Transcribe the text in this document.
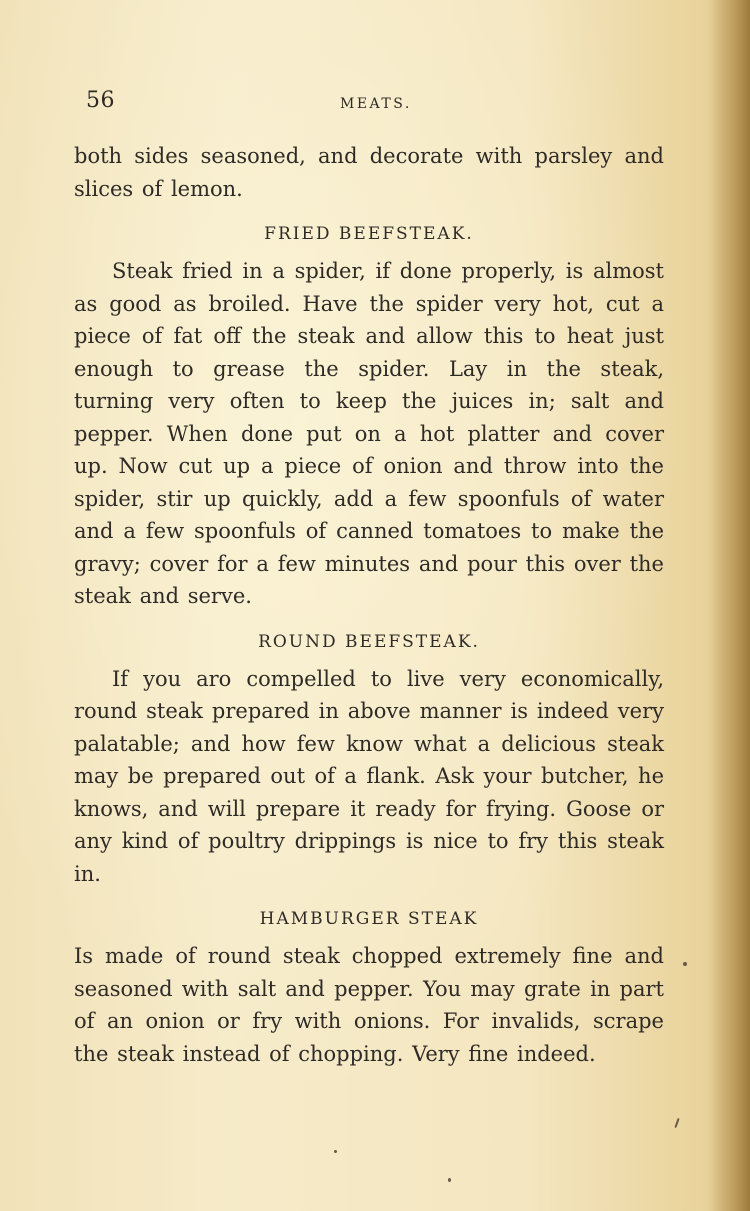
56	MEATS.

both sides seasoned, and decorate with parsley and slices of lemon.

FRIED BEEFSTEAK.

Steak fried in a spider, if done properly, is almost as good as broiled. Have the spider very hot, cut a piece of fat off the steak and allow this to heat just enough to grease the spider. Lay in the steak, turning very often to keep the juices in; salt and pepper. When done put on a hot platter and cover up. Now cut up a piece of onion and throw into the spider, stir up quickly, add a few spoonfuls of water and a few spoonfuls of canned tomatoes to make the gravy; cover for a few minutes and pour this over the steak and serve.

ROUND BEEFSTEAK.

If you aro compelled to live very economically, round steak prepared in above manner is indeed very palatable; and how few know what a delicious steak may be prepared out of a flank. Ask your butcher, he knows, and will prepare it ready for frying. Goose or any kind of poultry drippings is nice to fry this steak in.

HAMBURGER STEAK

Is made of round steak chopped extremely fine and seasoned with salt and pepper. You may grate in part of an onion or fry with onions. For invalids, scrape the steak instead of chopping. Very fine indeed.
